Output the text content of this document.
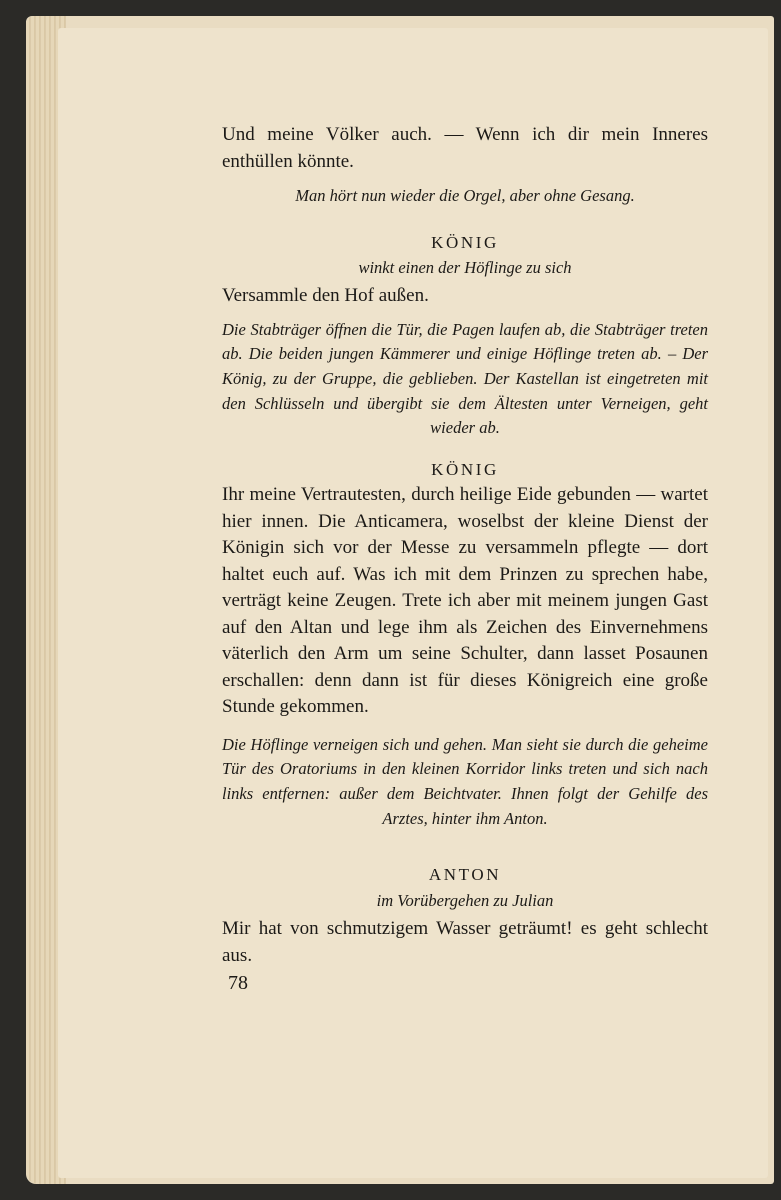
Und meine Völker auch. — Wenn ich dir mein Inneres enthüllen könnte.

Man hört nun wieder die Orgel, aber ohne Gesang.

KÖNIG

winkt einen der Höflinge zu sich

Versammle den Hof außen.

Die Stabträger öffnen die Tür, die Pagen laufen ab, die Stabträger treten ab. Die beiden jungen Kämmerer und einige Höflinge treten ab. – Der König, zu der Gruppe, die geblieben. Der Kastellan ist eingetreten mit den Schlüsseln und übergibt sie dem Ältesten unter Verneigen, geht wieder ab.

KÖNIG

Ihr meine Vertrautesten, durch heilige Eide gebunden — wartet hier innen. Die Anticamera, woselbst der kleine Dienst der Königin sich vor der Messe zu versammeln pflegte — dort haltet euch auf. Was ich mit dem Prinzen zu sprechen habe, verträgt keine Zeugen. Trete ich aber mit meinem jungen Gast auf den Altan und lege ihm als Zeichen des Einvernehmens väterlich den Arm um seine Schulter, dann lasset Posaunen erschallen: denn dann ist für dieses Königreich eine große Stunde gekommen.

Die Höflinge verneigen sich und gehen. Man sieht sie durch die geheime Tür des Oratoriums in den kleinen Korridor links treten und sich nach links entfernen: außer dem Beichtvater. Ihnen folgt der Gehilfe des Arztes, hinter ihm Anton.

ANTON

im Vorübergehen zu Julian

Mir hat von schmutzigem Wasser geträumt! es geht schlecht aus.

78
